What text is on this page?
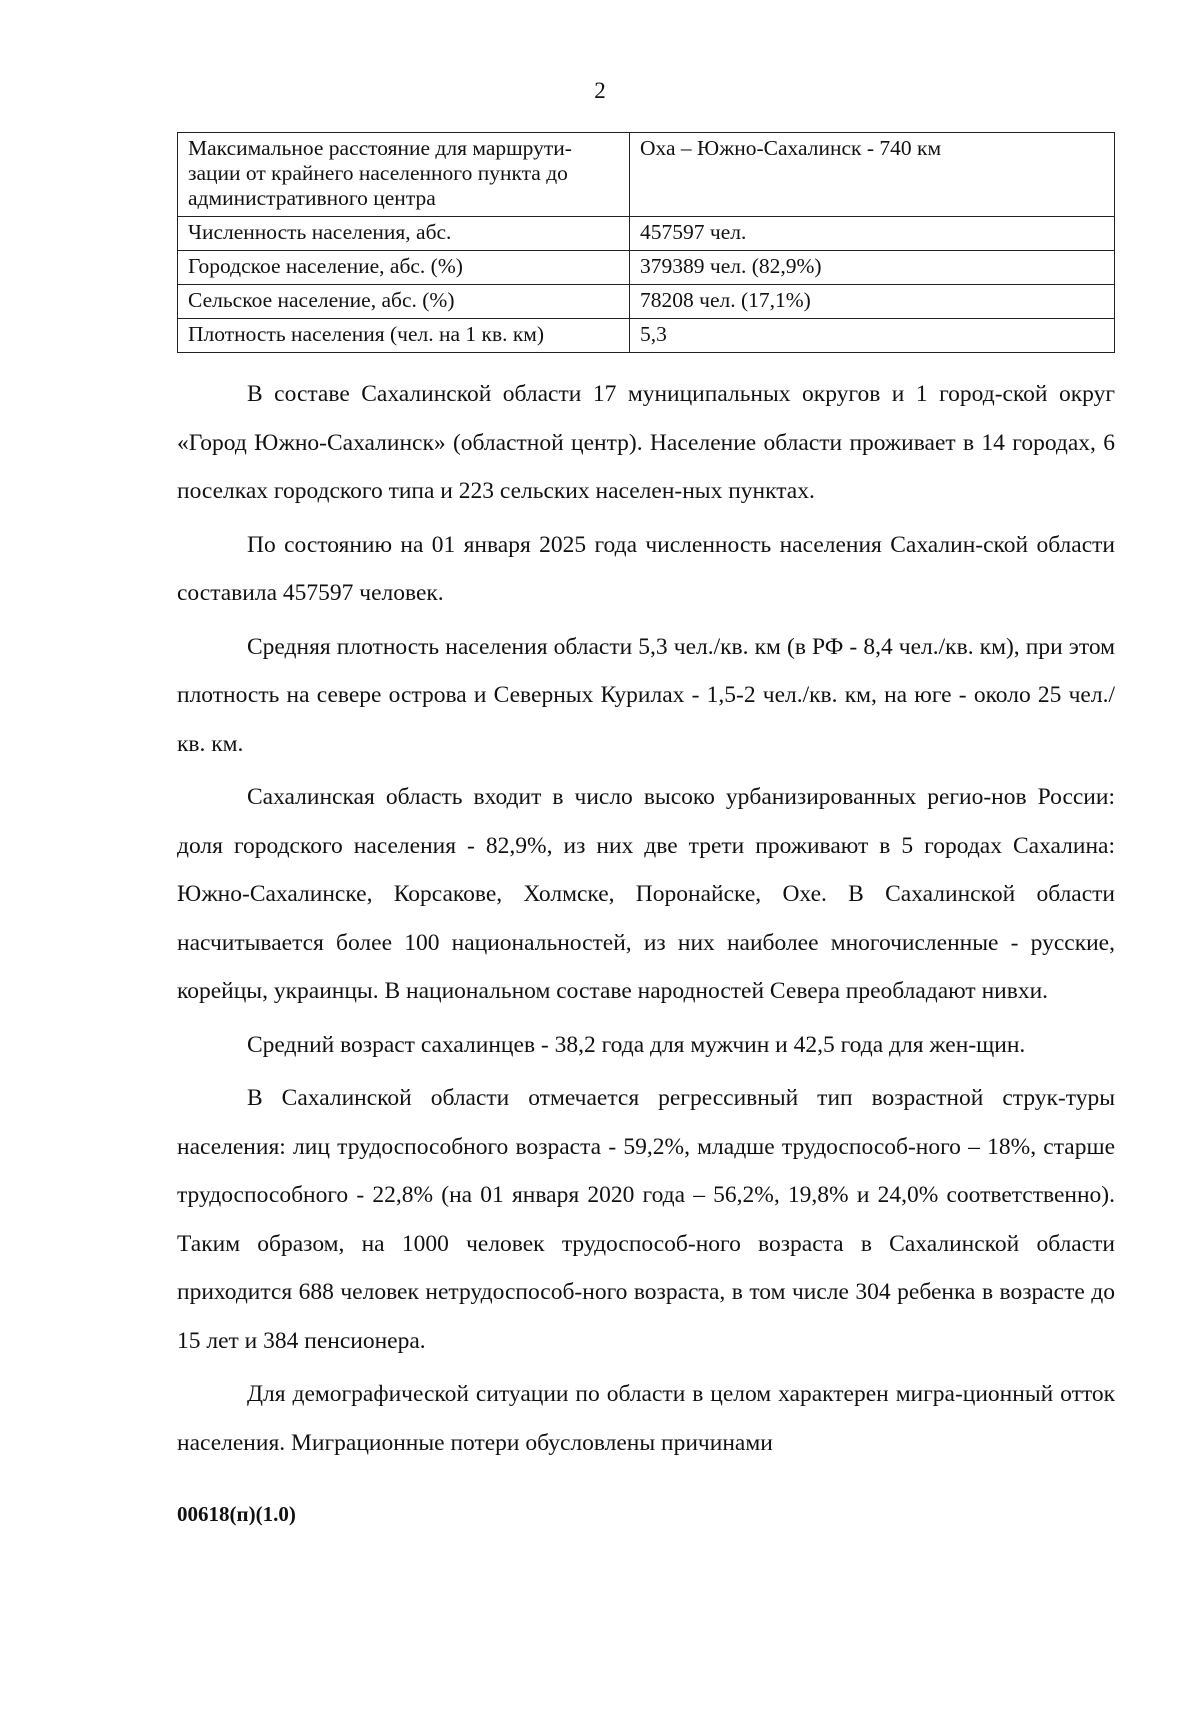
2
Максимальное расстояние для маршрути-зации от крайнего населенного пункта до административного центра	Оха – Южно-Сахалинск - 740 км
Численность населения, абс.	457597 чел.
Городское население, абс. (%)	379389 чел. (82,9%)
Сельское население, абс. (%)	78208 чел. (17,1%)
Плотность населения (чел. на 1 кв. км)	5,3

В составе Сахалинской области 17 муниципальных округов и 1 город-ской округ «Город Южно-Сахалинск» (областной центр). Население области проживает в 14 городах, 6 поселках городского типа и 223 сельских населен-ных пунктах.

По состоянию на 01 января 2025 года численность населения Сахалин-ской области составила 457597 человек.

Средняя плотность населения области 5,3 чел./кв. км (в РФ - 8,4 чел./кв. км), при этом плотность на севере острова и Северных Курилах - 1,5-2 чел./кв. км, на юге - около 25 чел./кв. км.

Сахалинская область входит в число высоко урбанизированных регио-нов России: доля городского населения - 82,9%, из них две трети проживают в 5 городах Сахалина: Южно-Сахалинске, Корсакове, Холмске, Поронайске, Охе. В Сахалинской области насчитывается более 100 национальностей, из них наиболее многочисленные - русские, корейцы, украинцы. В национальном составе народностей Севера преобладают нивхи.

Средний возраст сахалинцев - 38,2 года для мужчин и 42,5 года для жен-щин.

В Сахалинской области отмечается регрессивный тип возрастной струк-туры населения: лиц трудоспособного возраста - 59,2%, младше трудоспособ-ного – 18%, старше трудоспособного - 22,8% (на 01 января 2020 года – 56,2%, 19,8% и 24,0% соответственно). Таким образом, на 1000 человек трудоспособ-ного возраста в Сахалинской области приходится 688 человек нетрудоспособ-ного возраста, в том числе 304 ребенка в возрасте до 15 лет и 384 пенсионера.

Для демографической ситуации по области в целом характерен мигра-ционный отток населения. Миграционные потери обусловлены причинами

00618(п)(1.0)
